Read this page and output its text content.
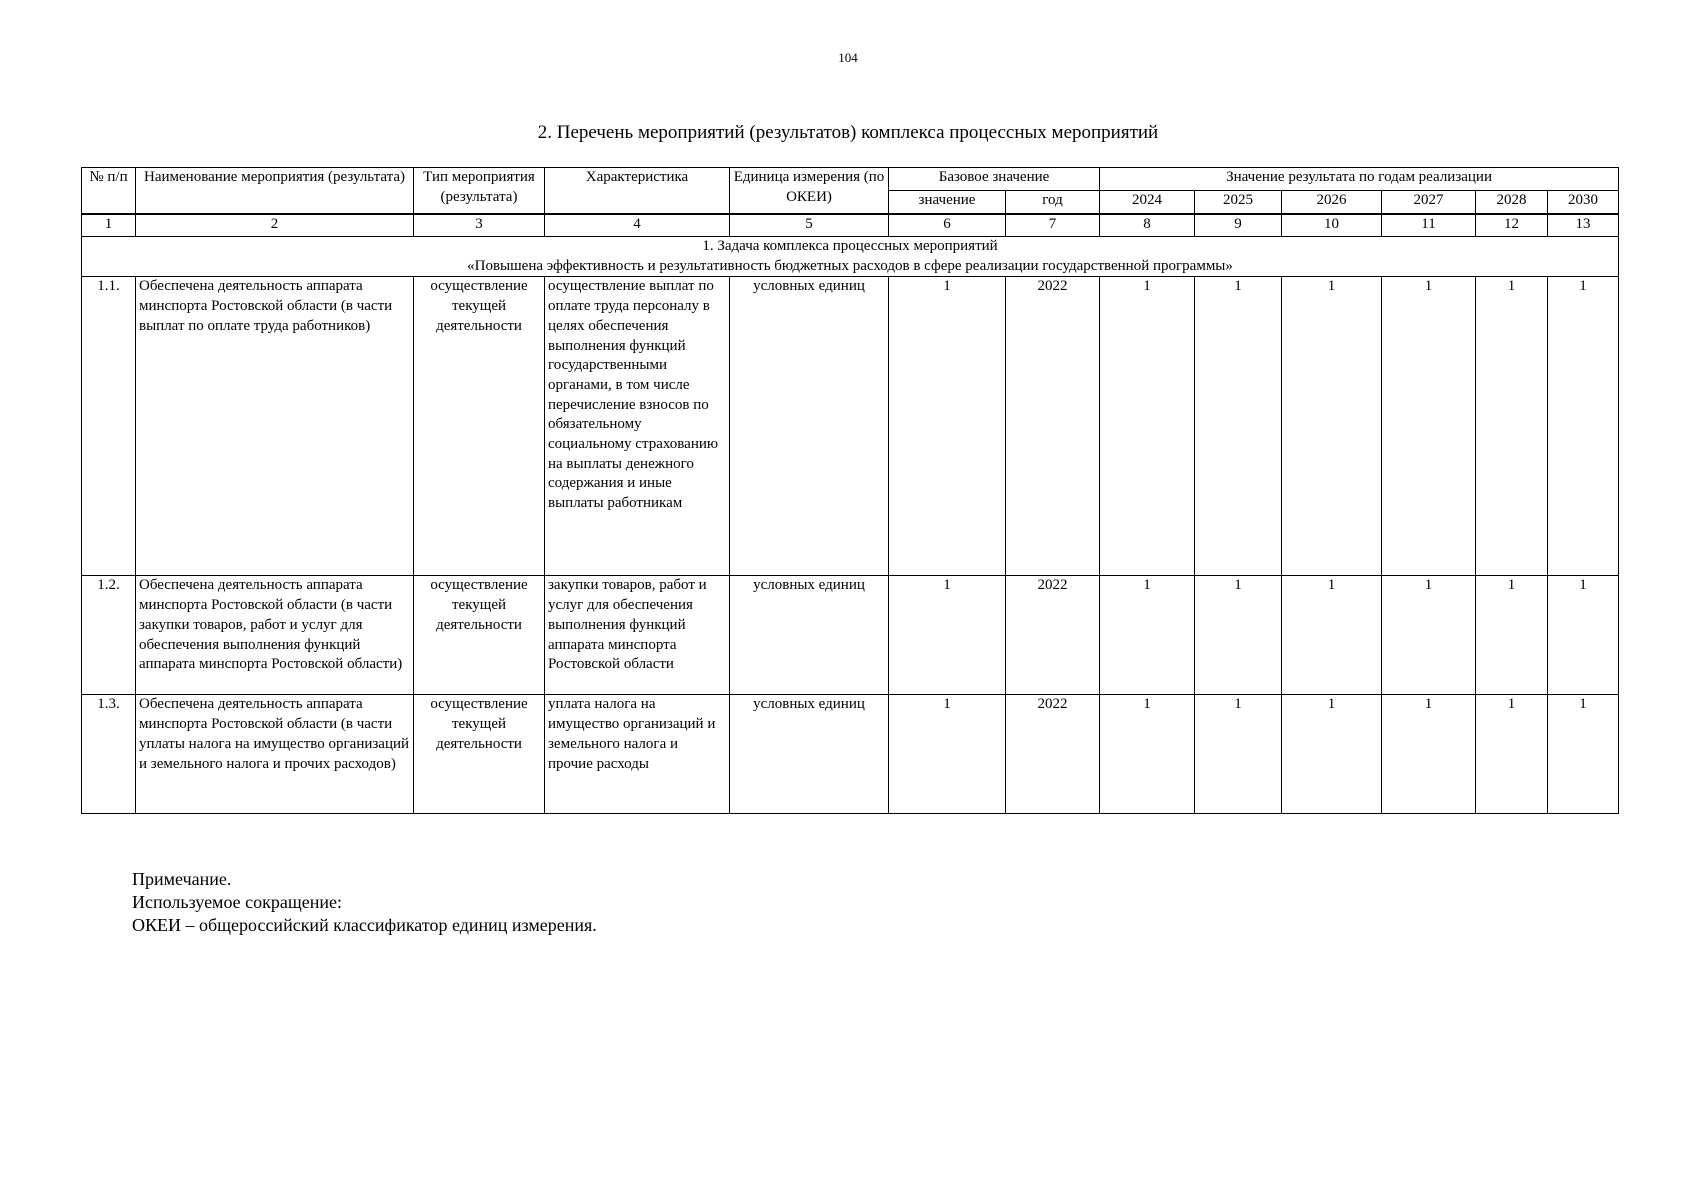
104
2. Перечень мероприятий (результатов) комплекса процессных мероприятий
№ п/п	Наименование мероприятия (результата)	Тип мероприятия (результата)	Характеристика	Единица измерения (по ОКЕИ)	Базовое значение		Значение результата по годам реализации					
					значение	год	2024	2025	2026	2027	2028	2030
1	2	3	4	5	6	7	8	9	10	11	12	13

1. Задача комплекса процессных мероприятий
«Повышена эффективность и результативность бюджетных расходов в сфере реализации государственной программы»												

1.1.	Обеспечена деятельность аппарата минспорта Ростовской области (в части выплат по оплате труда работников)	осуществление текущей деятельности	осуществление выплат по оплате труда персоналу в целях обеспечения выполнения функций государственными органами, в том числе перечисление взносов по обязательному социальному страхованию на выплаты денежного содержания и иные выплаты работникам	условных единиц	1	2022	1	1	1	1	1	1
1.2.	Обеспечена деятельность аппарата минспорта Ростовской области (в части закупки товаров, работ и услуг для обеспечения выполнения функций аппарата минспорта Ростовской области)	осуществление текущей деятельности	закупки товаров, работ и услуг для обеспечения выполнения функций аппарата минспорта Ростовской области	условных единиц	1	2022	1	1	1	1	1	1
1.3.	Обеспечена деятельность аппарата минспорта Ростовской области (в части уплаты налога на имущество организаций и земельного налога и прочих расходов)	осуществление текущей деятельности	уплата налога на имущество организаций и земельного налога и прочие расходы	условных единиц	1	2022	1	1	1	1	1	1
Примечание.
Используемое сокращение:
ОКЕИ – общероссийский классификатор единиц измерения.
